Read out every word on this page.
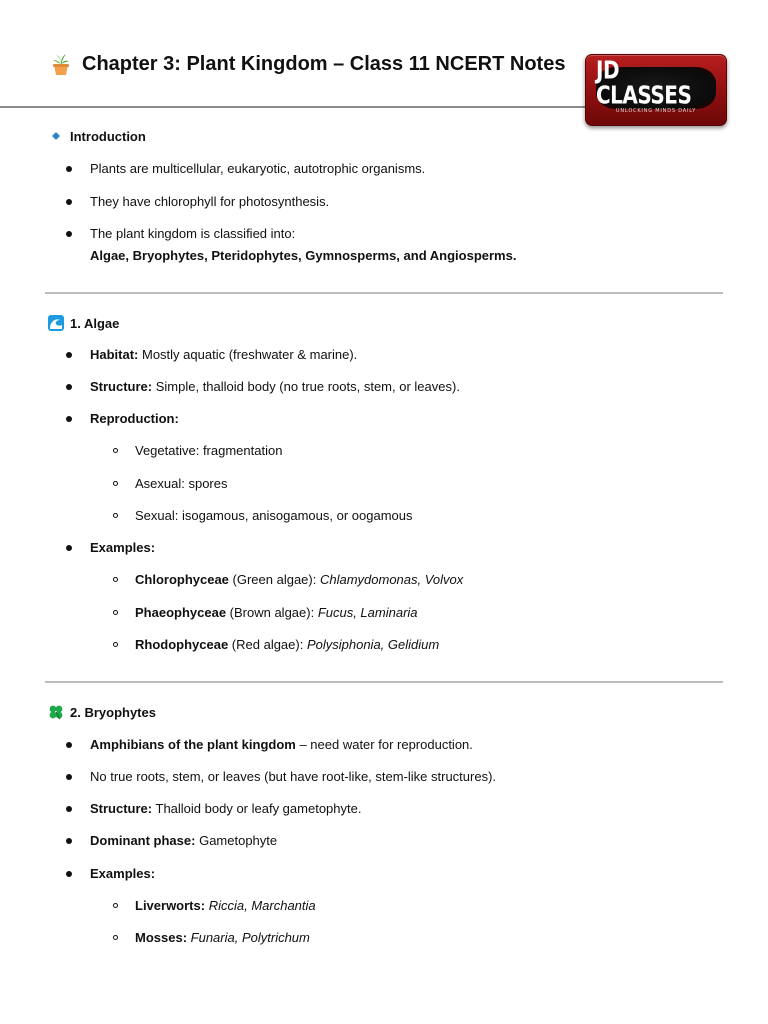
Chapter 3: Plant Kingdom – Class 11 NCERT Notes JD CLASSES
UNLOCKING MINDS DAILY
Introduction
Plants are multicellular, eukaryotic, autotrophic organisms.
They have chlorophyll for photosynthesis.
The plant kingdom is classified into:
Algae, Bryophytes, Pteridophytes, Gymnosperms, and Angiosperms.
1. Algae
Habitat: Mostly aquatic (freshwater & marine).
Structure: Simple, thalloid body (no true roots, stem, or leaves).
Reproduction:
Vegetative: fragmentation
Asexual: spores
Sexual: isogamous, anisogamous, or oogamous
Examples:
Chlorophyceae (Green algae): Chlamydomonas, Volvox
Phaeophyceae (Brown algae): Fucus, Laminaria
Rhodophyceae (Red algae): Polysiphonia, Gelidium
2. Bryophytes
Amphibians of the plant kingdom – need water for reproduction.
No true roots, stem, or leaves (but have root-like, stem-like structures).
Structure: Thalloid body or leafy gametophyte.
Dominant phase: Gametophyte
Examples:
Liverworts: Riccia, Marchantia
Mosses: Funaria, Polytrichum
